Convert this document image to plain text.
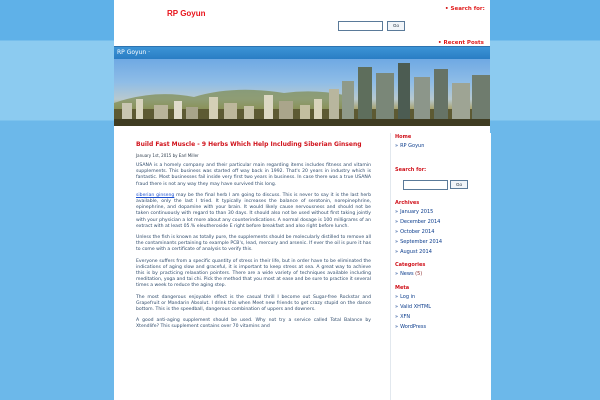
RP Goyun	• Search for:
Go
• Recent Posts
RP Goyun ·
Build Fast Muscle - 9 Herbs Which Help Including Siberian Ginseng
January 1st, 2015 by Earl Miller

USANA is a homely company and their particular main regarding items includes fitness and vitamin supplements. This business was started off way back in 1992. That's 20 years in industry which is fantastic. Most businesses fail inside very first two years in business. In case there was a true USANA fraud there is not any way they may have survived this long.

siberian ginseng may be the final herb I am going to discuss. This is never to say it is the last herb available, only the last I tried. It typically increases the balance of serotonin, norepinephrine, epinephrine, and dopamine with your brain. It would likely cause nervousness and should not be taken continuously with regard to than 30 days. It should also not be used without first taking jointly with your physician a lot more about any counterindications. A normal dosage is 100 milligrams of an extract with at least 05.% eleutheroside E right before breakfast and also right before lunch.

Unless the fish is known as totally pure, the supplements should be molecularly distilled to remove all the contaminants pertaining to example PCB's, lead, mercury and arsenic. If ever the oil is pure it has to come with a certificate of analysis to verify this.

Everyone suffers from a specific quantity of stress in their life, but in order have to be eliminated the indications of aging slow and graceful, it is important to keep stress at sea. A great way to achieve this is by practicing relaxation pointers. There are a wide variety of techniques available including meditation, yoga and tai chi. Pick the method that you most at ease and be sure to practice it several times a week to reduce the aging step.

The most dangerous enjoyable effect is the casual thrill I become out Sugar-free Rockstar and Grapefruit or Mandarin Absolut. I drink this when Meet new friends to get crazy stupid on the dance bottom. This is the speedball, dangerous combination of uppers and downers.

A good anti-aging supplement should be used. Why not try a service called Total Balance by Xtendlife? This supplement contains over 70 vitamins and

Home
» RP Goyun
Search for:
Go
Archives
» January 2015
» December 2014
» October 2014
» September 2014
» August 2014
Categories
» News (5)
Meta
» Log in
» Valid XHTML
» XFN
» WordPress
